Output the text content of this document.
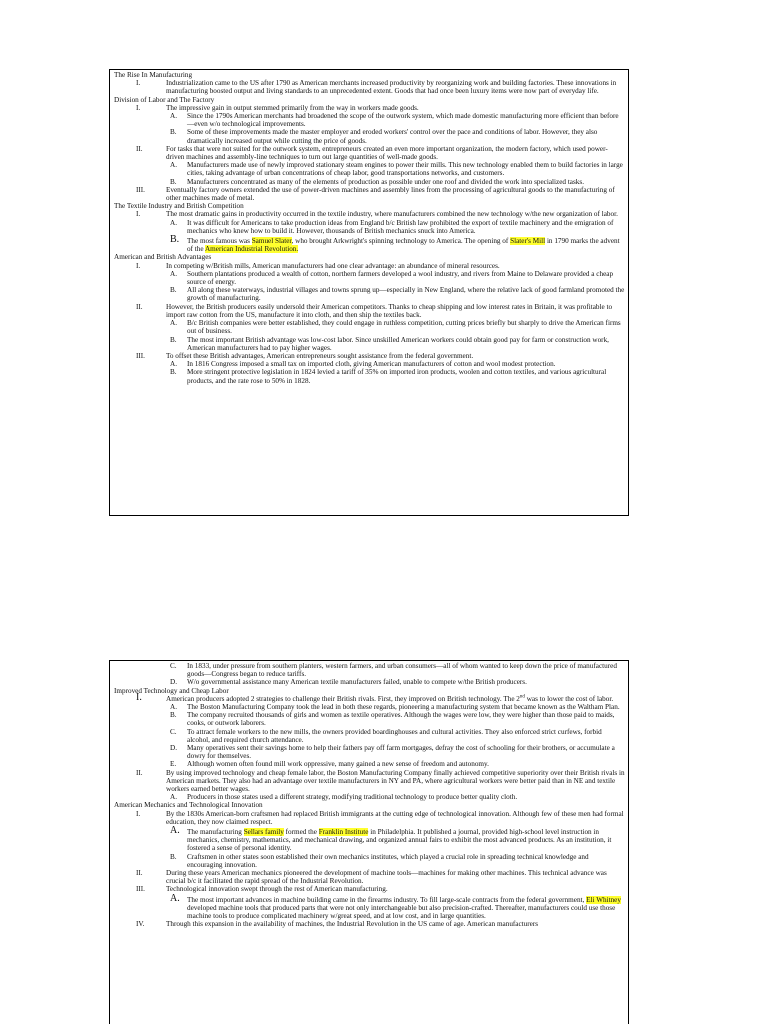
The Rise In Manufacturing

I.	Industrialization came to the US after 1790 as American merchants increased productivity by reorganizing work and building factories. These innovations in manufacturing boosted output and living standards to an unprecedented extent. Goods that had once been luxury items were now part of everyday life.

Division of Labor and The Factory

I.	The impressive gain in output stemmed primarily from the way in workers made goods.
A.	Since the 1790s American merchants had broadened the scope of the outwork system, which made domestic manufacturing more efficient than before—even w/o technological improvements.
B.	Some of these improvements made the master employer and eroded workers' control over the pace and conditions of labor. However, they also dramatically increased output while cutting the price of goods.
II.	For tasks that were not suited for the outwork system, entrepreneurs created an even more important organization, the modern factory, which used power-driven machines and assembly-line techniques to turn out large quantities of well-made goods.
A.	Manufacturers made use of newly improved stationary steam engines to power their mills. This new technology enabled them to build factories in large cities, taking advantage of urban concentrations of cheap labor, good transportations networks, and customers.
B.	Manufacturers concentrated as many of the elements of production as possible under one roof and divided the work into specialized tasks.
III.	Eventually factory owners extended the use of power-driven machines and assembly lines from the processing of agricultural goods to the manufacturing of other machines made of metal.

The Textile Industry and British Competition

I.	The most dramatic gains in productivity occurred in the textile industry, where manufacturers combined the new technology w/the new organization of labor.
A.	It was difficult for Americans to take production ideas from England b/c British law prohibited the export of textile machinery and the emigration of mechanics who knew how to build it. However, thousands of British mechanics snuck into America.
B.	The most famous was Samuel Slater, who brought Arkwright's spinning technology to America. The opening of Slater's Mill in 1790 marks the advent of the American Industrial Revolution.

American and British Advantages

I.	In competing w/British mills, American manufacturers had one clear advantage: an abundance of mineral resources.
A.	Southern plantations produced a wealth of cotton, northern farmers developed a wool industry, and rivers from Maine to Delaware provided a cheap source of energy.
B.	All along these waterways, industrial villages and towns sprung up—especially in New England, where the relative lack of good farmland promoted the growth of manufacturing.
II.	However, the British producers easily undersold their American competitors. Thanks to cheap shipping and low interest rates in Britain, it was profitable to import raw cotton from the US, manufacture it into cloth, and then ship the textiles back.
A.	B/c British companies were better established, they could engage in ruthless competition, cutting prices briefly but sharply to drive the American firms out of business.
B.	The most important British advantage was low-cost labor. Since unskilled American workers could obtain good pay for farm or construction work, American manufacturers had to pay higher wages.
III.	To offset these British advantages, American entrepreneurs sought assistance from the federal government.
A.	In 1816 Congress imposed a small tax on imported cloth, giving American manufacturers of cotton and wool modest protection.
B.	More stringent protective legislation in 1824 levied a tariff of 35% on imported iron products, woolen and cotton textiles, and various agricultural products, and the rate rose to 50% in 1828.
C.	In 1833, under pressure from southern planters, western farmers, and urban consumers—all of whom wanted to keep down the price of manufactured goods—Congress began to reduce tariffs.
D.	W/o governmental assistance many American textile manufacturers failed, unable to compete w/the British producers.

Improved Technology and Cheap Labor

I.	American producers adopted 2 strategies to challenge their British rivals. First, they improved on British technology. The 2nd was to lower the cost of labor.
A.	The Boston Manufacturing Company took the lead in both these regards, pioneering a manufacturing system that became known as the Waltham Plan.
B.	The company recruited thousands of girls and women as textile operatives. Although the wages were low, they were higher than those paid to maids, cooks, or outwork laborers.
C.	To attract female workers to the new mills, the owners provided boardinghouses and cultural activities. They also enforced strict curfews, forbid alcohol, and required church attendance.
D.	Many operatives sent their savings home to help their fathers pay off farm mortgages, defray the cost of schooling for their brothers, or accumulate a dowry for themselves.
E.	Although women often found mill work oppressive, many gained a new sense of freedom and autonomy.
II.	By using improved technology and cheap female labor, the Boston Manufacturing Company finally achieved competitive superiority over their British rivals in American markets. They also had an advantage over textile manufacturers in NY and PA, where agricultural workers were better paid than in NE and textile workers earned better wages.
A.	Producers in those states used a different strategy, modifying traditional technology to produce better quality cloth.

American Mechanics and Technological Innovation

I.	By the 1830s American-born craftsmen had replaced British immigrants at the cutting edge of technological innovation. Although few of these men had formal education, they now claimed respect.
A.	The manufacturing Sellars family formed the Franklin Institute in Philadelphia. It published a journal, provided high-school level instruction in mechanics, chemistry, mathematics, and mechanical drawing, and organized annual fairs to exhibit the most advanced products. As an institution, it fostered a sense of personal identity.
B.	Craftsmen in other states soon established their own mechanics institutes, which played a crucial role in spreading technical knowledge and encouraging innovation.
II.	During these years American mechanics pioneered the development of machine tools—machines for making other machines. This technical advance was crucial b/c it facilitated the rapid spread of the Industrial Revolution.
III.	Technological innovation swept through the rest of American manufacturing.
A.	The most important advances in machine building came in the firearms industry. To fill large-scale contracts from the federal government, Eli Whitney developed machine tools that produced parts that were not only interchangeable but also precision-crafted. Thereafter, manufacturers could use those machine tools to produce complicated machinery w/great speed, and at low cost, and in large quantities.
IV.	Through this expansion in the availability of machines, the Industrial Revolution in the US came of age. American manufacturers
